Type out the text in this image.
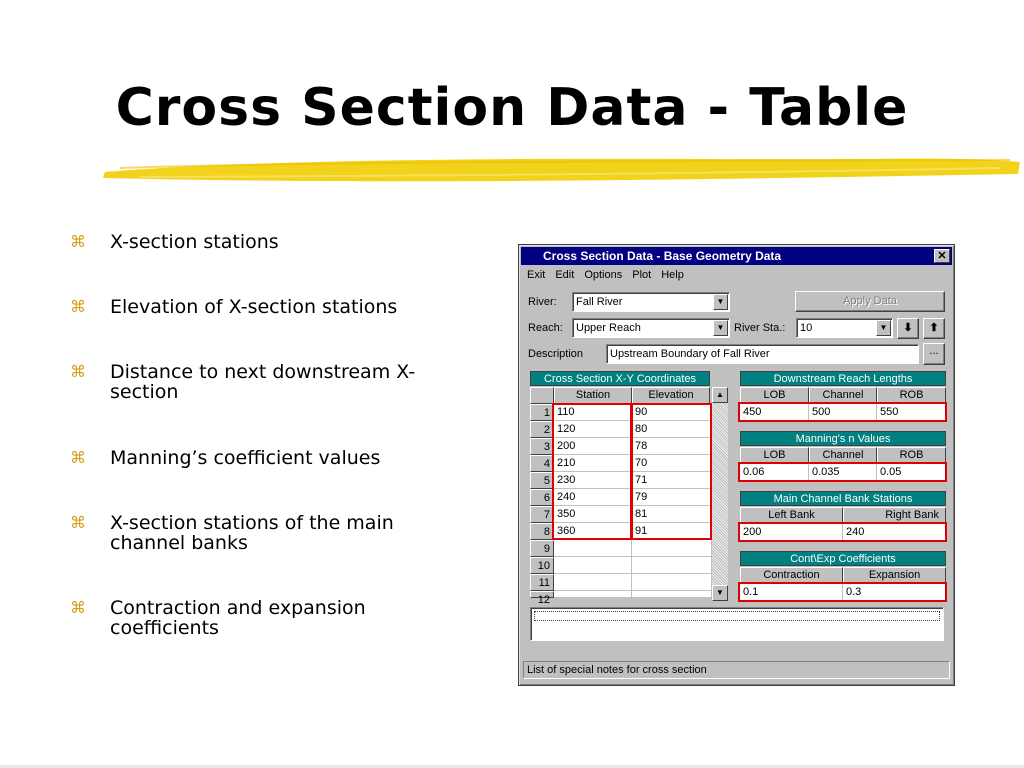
Cross Section Data - Table
⌘ X-section stations
⌘ Elevation of X-section stations
⌘ Distance to next downstream X-section
⌘ Manning’s coefficient values
⌘ X-section stations of the main channel banks
⌘ Contraction and expansion coefficients
Cross Section Data - Base Geometry Data	✕
Exit Edit Options Plot Help
River:	Fall River	▼	Apply Data
Reach:	Upper Reach	▼ River Sta.:	10	▼	⬇	⬆
Description	Upstream Boundary of Fall River	...
Cross Section X-Y Coordinates
Station	Elevation
1 110	90
2 120	80
3 200	78
4 210	70
5 230	71
6 240	79
7 350	81
8 360	91
9
10
11
12
▲
▼
Downstream Reach Lengths
LOB	Channel	ROB
450	500	550
Manning's n Values
LOB	Channel	ROB
0.06	0.035	0.05
Main Channel Bank Stations
Left Bank	Right Bank
200	240
Cont\Exp Coefficients
Contraction	Expansion
0.1	0.3
List of special notes for cross section
